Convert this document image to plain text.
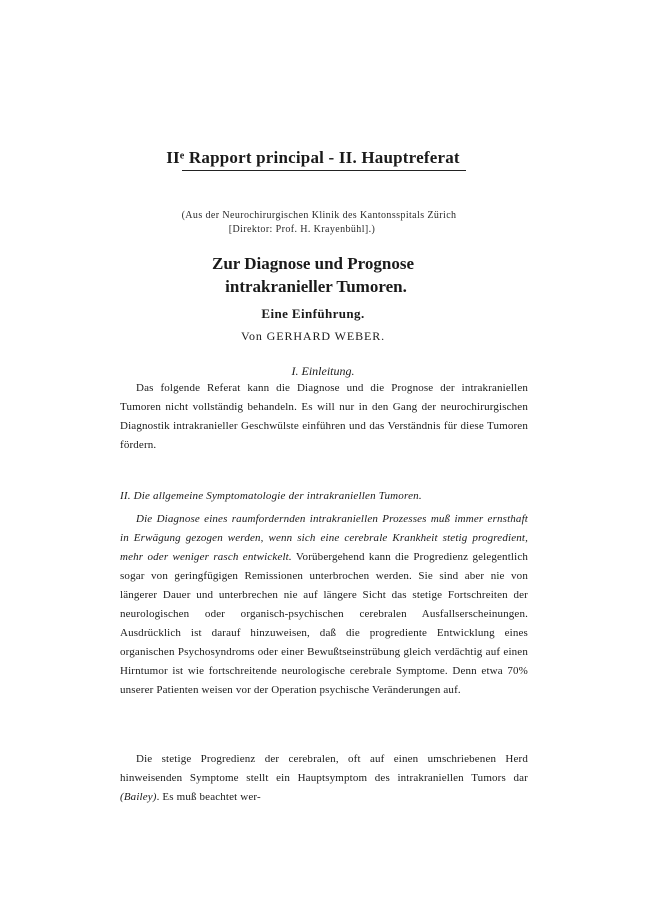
IIᵉ Rapport principal - II. Hauptreferat
(Aus der Neurochirurgischen Klinik des Kantonsspitals Zürich
[Direktor: Prof. H. Krayenbühl].)
Zur Diagnose und Prognose
intrakranieller Tumoren.
Eine Einführung.
Von GERHARD WEBER.
I. Einleitung.

Das folgende Referat kann die Diagnose und die Prognose der intrakraniellen Tumoren nicht vollständig behandeln. Es will nur in den Gang der neurochirurgischen Diagnostik intrakranieller Geschwülste einführen und das Verständnis für diese Tumoren fördern.

II. Die allgemeine Symptomatologie der intrakraniellen Tumoren.

Die Diagnose eines raumfordernden intrakraniellen Prozesses muß immer ernsthaft in Erwägung gezogen werden, wenn sich eine cerebrale Krankheit stetig progredient, mehr oder weniger rasch entwickelt. Vorübergehend kann die Progredienz gelegentlich sogar von geringfügigen Remissionen unterbrochen werden. Sie sind aber nie von längerer Dauer und unterbrechen nie auf längere Sicht das stetige Fortschreiten der neurologischen oder organisch-psychischen cerebralen Ausfallserscheinungen. Ausdrücklich ist darauf hinzuweisen, daß die progrediente Entwicklung eines organischen Psychosyndroms oder einer Bewußtseinstrübung gleich verdächtig auf einen Hirntumor ist wie fortschreitende neurologische cerebrale Symptome. Denn etwa 70% unserer Patienten weisen vor der Operation psychische Veränderungen auf.

Die stetige Progredienz der cerebralen, oft auf einen umschriebenen Herd hinweisenden Symptome stellt ein Hauptsymptom des intrakraniellen Tumors dar (Bailey). Es muß beachtet wer-
